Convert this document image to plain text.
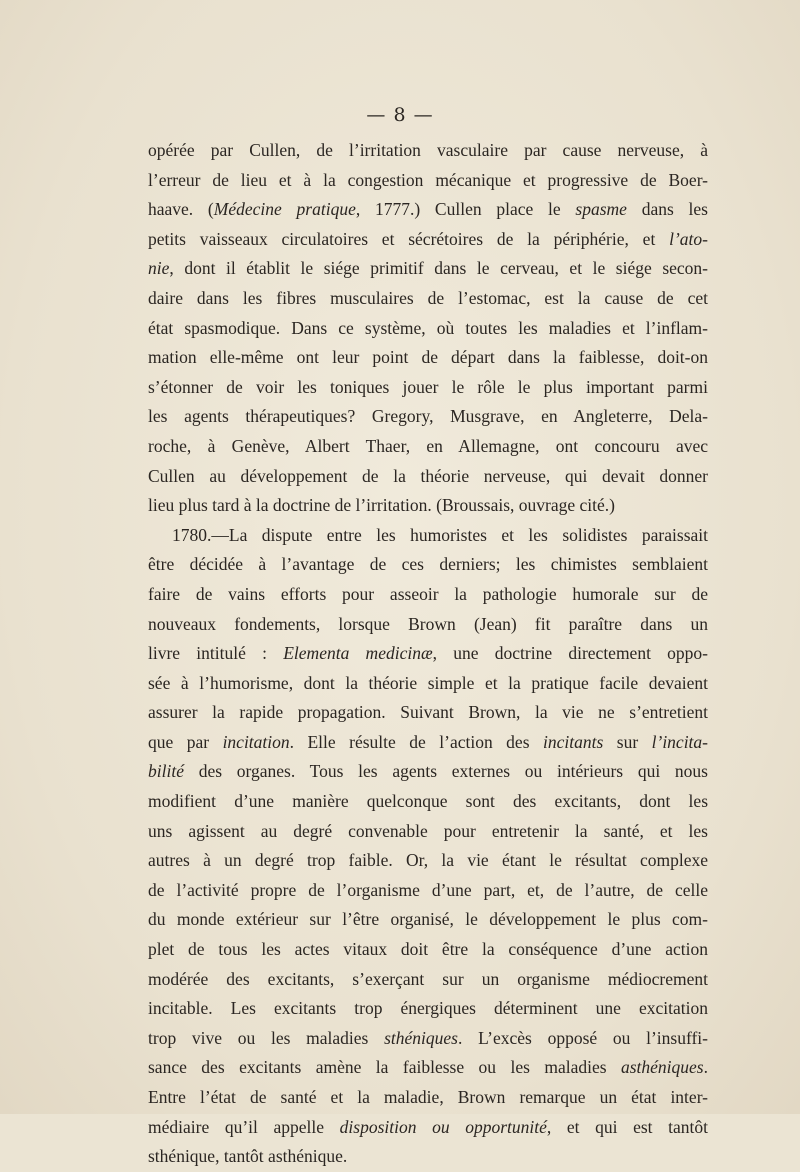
— 8 —
opérée par Cullen, de l’irritation vasculaire par cause nerveuse, à
l’erreur de lieu et à la congestion mécanique et progressive de Boer-
haave. (Médecine pratique, 1777.) Cullen place le spasme dans les
petits vaisseaux circulatoires et sécrétoires de la périphérie, et l’ato-
nie, dont il établit le siége primitif dans le cerveau, et le siége secon-
daire dans les fibres musculaires de l’estomac, est la cause de cet
état spasmodique. Dans ce système, où toutes les maladies et l’inflam-
mation elle-même ont leur point de départ dans la faiblesse, doit-on
s’étonner de voir les toniques jouer le rôle le plus important parmi
les agents thérapeutiques? Gregory, Musgrave, en Angleterre, Dela-
roche, à Genève, Albert Thaer, en Allemagne, ont concouru avec
Cullen au développement de la théorie nerveuse, qui devait donner
lieu plus tard à la doctrine de l’irritation. (Broussais, ouvrage cité.)
1780.—La dispute entre les humoristes et les solidistes paraissait
être décidée à l’avantage de ces derniers; les chimistes semblaient
faire de vains efforts pour asseoir la pathologie humorale sur de
nouveaux fondements, lorsque Brown (Jean) fit paraître dans un
livre intitulé : Elementa medicinæ, une doctrine directement oppo-
sée à l’humorisme, dont la théorie simple et la pratique facile devaient
assurer la rapide propagation. Suivant Brown, la vie ne s’entretient
que par incitation. Elle résulte de l’action des incitants sur l’incita-
bilité des organes. Tous les agents externes ou intérieurs qui nous
modifient d’une manière quelconque sont des excitants, dont les
uns agissent au degré convenable pour entretenir la santé, et les
autres à un degré trop faible. Or, la vie étant le résultat complexe
de l’activité propre de l’organisme d’une part, et, de l’autre, de celle
du monde extérieur sur l’être organisé, le développement le plus com-
plet de tous les actes vitaux doit être la conséquence d’une action
modérée des excitants, s’exerçant sur un organisme médiocrement
incitable. Les excitants trop énergiques déterminent une excitation
trop vive ou les maladies sthéniques. L’excès opposé ou l’insuffi-
sance des excitants amène la faiblesse ou les maladies asthéniques.
Entre l’état de santé et la maladie, Brown remarque un état inter-
médiaire qu’il appelle disposition ou opportunité, et qui est tantôt
sthénique, tantôt asthénique.
